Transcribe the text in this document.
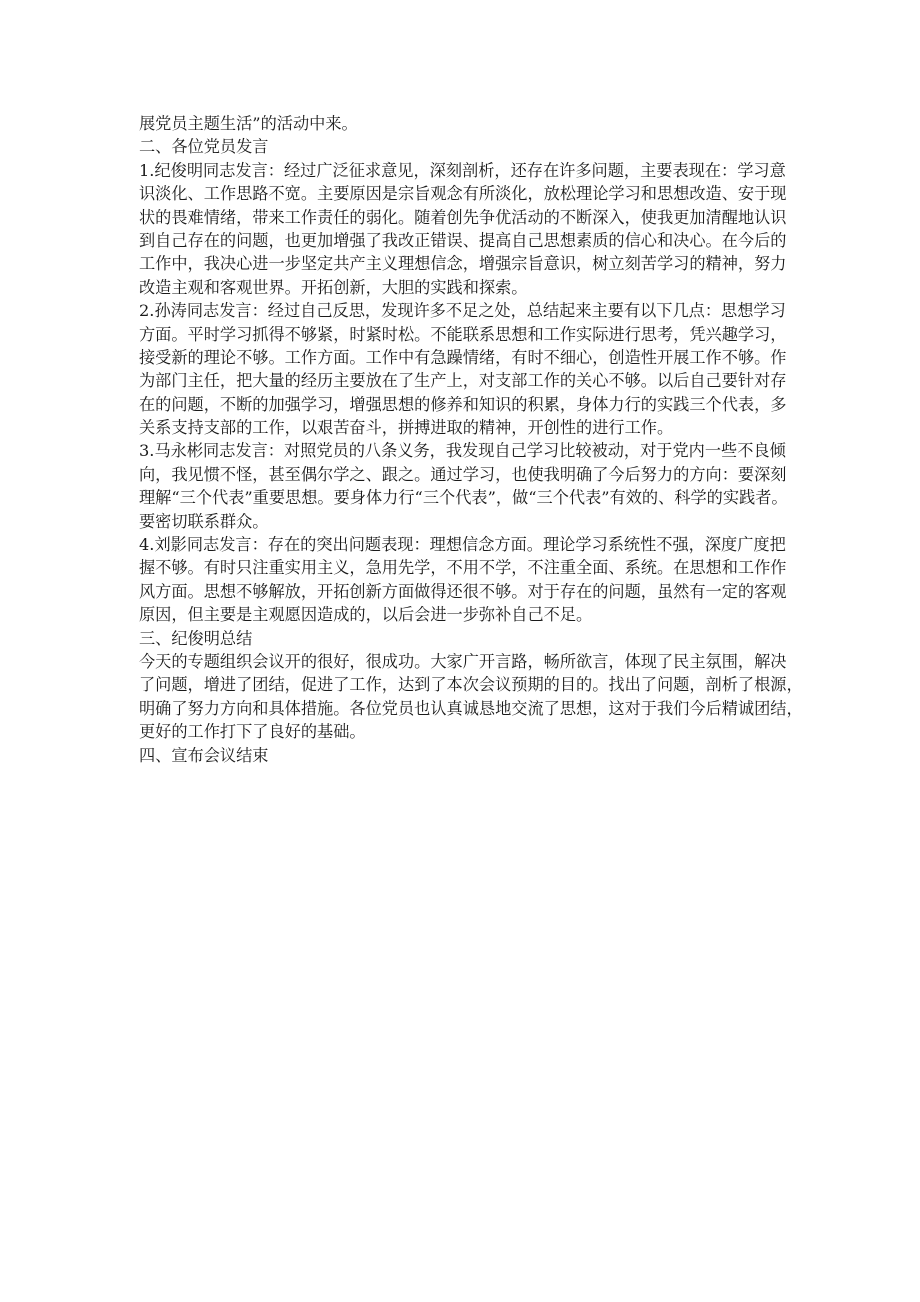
展党员主题生活”的活动中来。

二、各位党员发言

1.纪俊明同志发言：经过广泛征求意见，深刻剖析，还存在许多问题，主要表现在：学习意

识淡化、工作思路不宽。主要原因是宗旨观念有所淡化，放松理论学习和思想改造、安于现

状的畏难情绪，带来工作责任的弱化。随着创先争优活动的不断深入，使我更加清醒地认识

到自己存在的问题，也更加增强了我改正错误、提高自己思想素质的信心和决心。在今后的

工作中，我决心进一步坚定共产主义理想信念，增强宗旨意识，树立刻苦学习的精神，努力

改造主观和客观世界。开拓创新，大胆的实践和探索。

2.孙涛同志发言：经过自己反思，发现许多不足之处，总结起来主要有以下几点：思想学习

方面。平时学习抓得不够紧，时紧时松。不能联系思想和工作实际进行思考，凭兴趣学习，

接受新的理论不够。工作方面。工作中有急躁情绪，有时不细心，创造性开展工作不够。作

为部门主任，把大量的经历主要放在了生产上，对支部工作的关心不够。以后自己要针对存

在的问题，不断的加强学习，增强思想的修养和知识的积累，身体力行的实践三个代表，多

关系支持支部的工作，以艰苦奋斗，拼搏进取的精神，开创性的进行工作。

3.马永彬同志发言：对照党员的八条义务，我发现自己学习比较被动，对于党内一些不良倾

向，我见惯不怪，甚至偶尔学之、跟之。通过学习，也使我明确了今后努力的方向：要深刻

理解“三个代表”重要思想。要身体力行“三个代表”，做“三个代表”有效的、科学的实践者。

要密切联系群众。

4.刘影同志发言：存在的突出问题表现：理想信念方面。理论学习系统性不强，深度广度把

握不够。有时只注重实用主义，急用先学，不用不学，不注重全面、系统。在思想和工作作

风方面。思想不够解放，开拓创新方面做得还很不够。对于存在的问题，虽然有一定的客观

原因，但主要是主观愿因造成的，以后会进一步弥补自己不足。

三、纪俊明总结

今天的专题组织会议开的很好，很成功。大家广开言路，畅所欲言，体现了民主氛围，解决

了问题，增进了团结，促进了工作，达到了本次会议预期的目的。找出了问题，剖析了根源，

明确了努力方向和具体措施。各位党员也认真诚恳地交流了思想，这对于我们今后精诚团结，

更好的工作打下了良好的基础。

四、宣布会议结束
